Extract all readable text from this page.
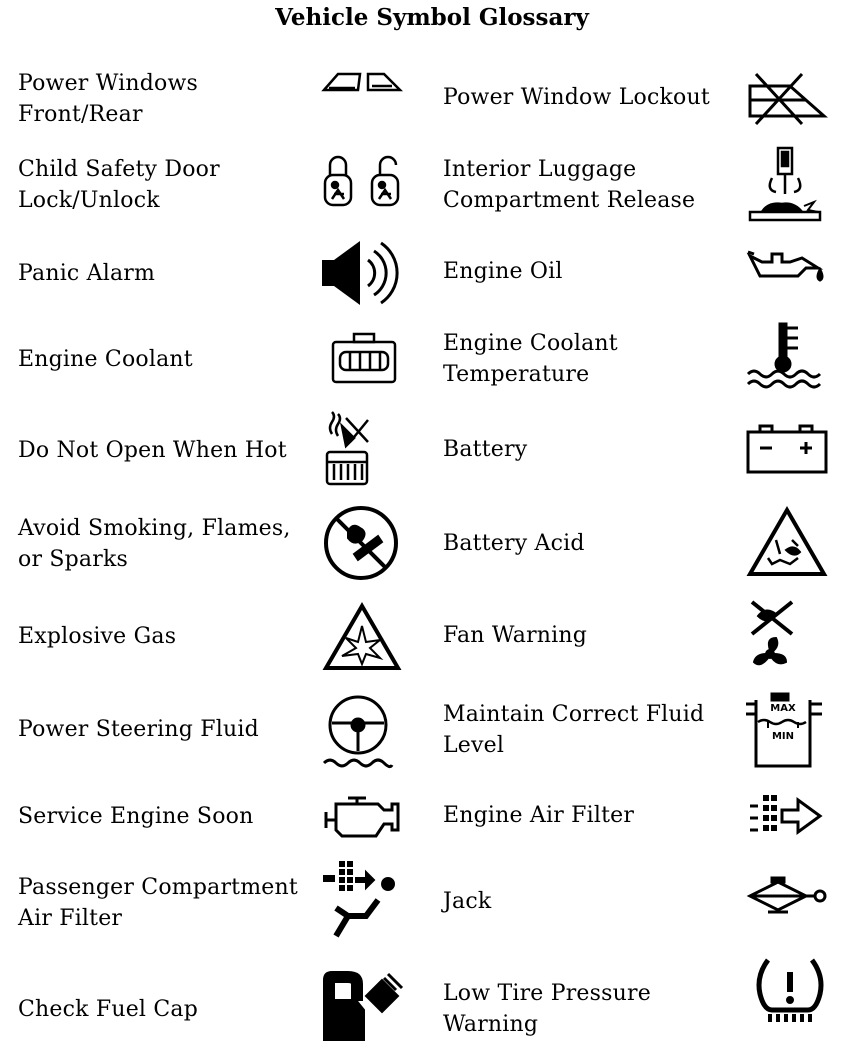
Vehicle Symbol Glossary
Power Windows
Front/Rear
Child Safety Door
Lock/Unlock
Panic Alarm
Engine Coolant
Do Not Open When Hot
Avoid Smoking, Flames,
or Sparks
Explosive Gas
Power Steering Fluid
Service Engine Soon
Passenger Compartment
Air Filter
Check Fuel Cap
Power Window Lockout
Interior Luggage
Compartment Release
Engine Oil
Engine Coolant
Temperature
Battery
Battery Acid
Fan Warning
Maintain Correct Fluid
Level
Engine Air Filter
Jack
Low Tire Pressure
Warning
MAX
MIN
